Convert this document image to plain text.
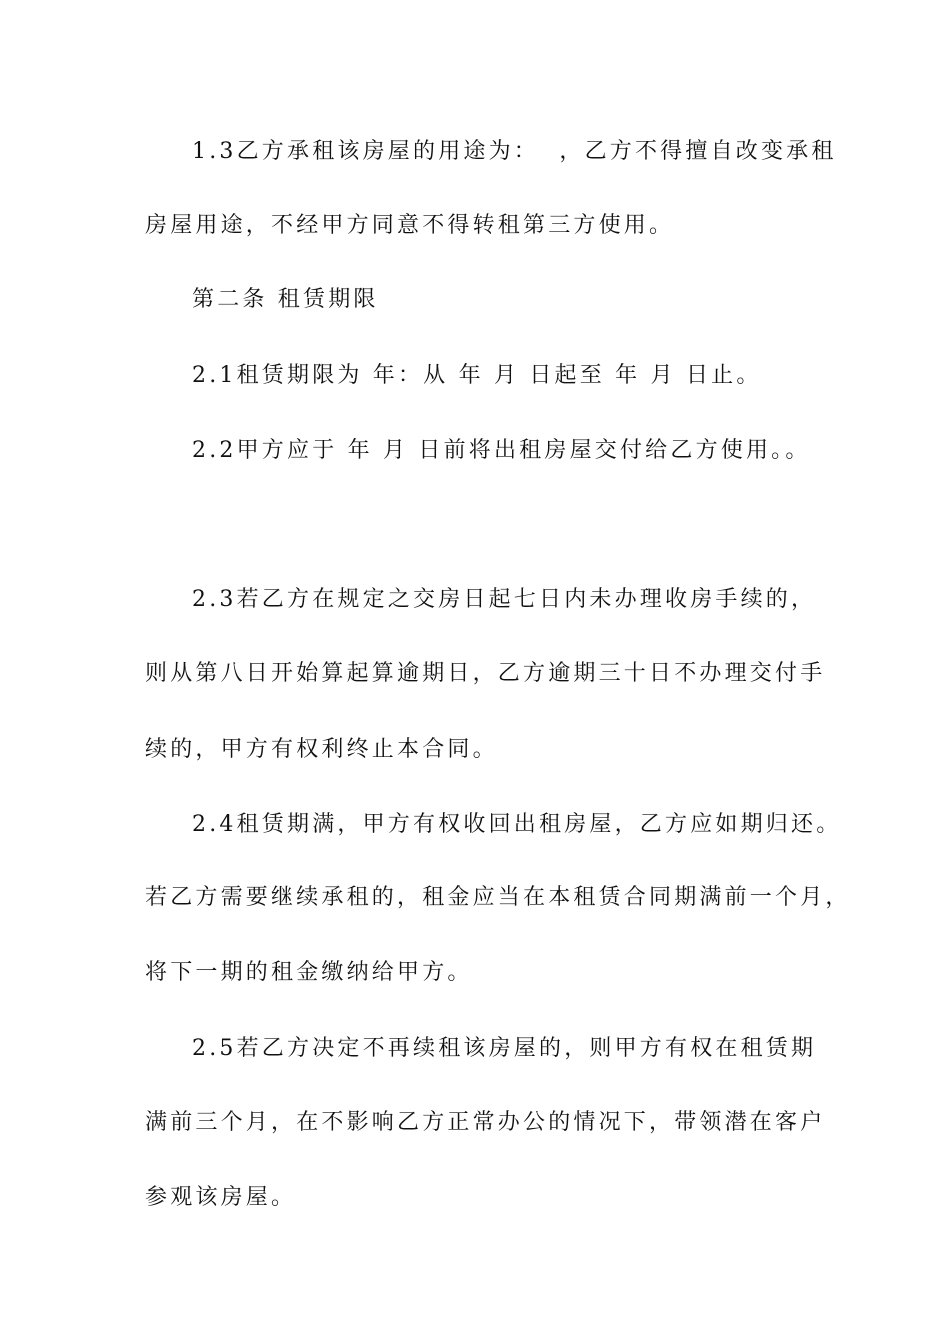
1.3乙方承租该房屋的用途为：  ，乙方不得擅自改变承租
房屋用途，不经甲方同意不得转租第三方使用。
第二条 租赁期限
2.1租赁期限为 年：从 年 月 日起至 年 月 日止。
2.2甲方应于 年 月 日前将出租房屋交付给乙方使用。。
2.3若乙方在规定之交房日起七日内未办理收房手续的，
则从第八日开始算起算逾期日，乙方逾期三十日不办理交付手
续的，甲方有权利终止本合同。
2.4租赁期满，甲方有权收回出租房屋，乙方应如期归还。
若乙方需要继续承租的，租金应当在本租赁合同期满前一个月，
将下一期的租金缴纳给甲方。
2.5若乙方决定不再续租该房屋的，则甲方有权在租赁期
满前三个月，在不影响乙方正常办公的情况下，带领潜在客户
参观该房屋。
